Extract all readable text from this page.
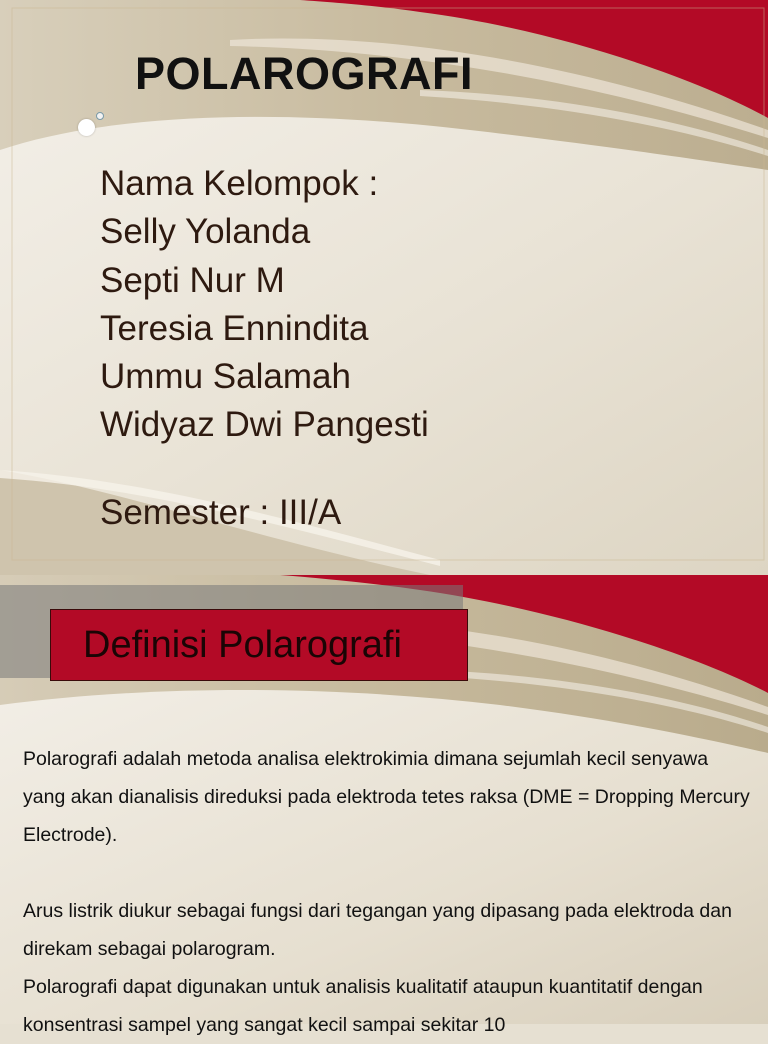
POLAROGRAFI
Nama Kelompok :
Selly Yolanda
Septi Nur M
Teresia Ennindita
Ummu Salamah
Widyaz Dwi Pangesti
Semester : III/A
Definisi Polarografi

Polarografi adalah metoda analisa elektrokimia dimana sejumlah kecil senyawa yang akan dianalisis direduksi pada elektroda tetes raksa (DME = Dropping Mercury Electrode).

Arus listrik diukur sebagai fungsi dari tegangan yang dipasang pada elektroda dan direkam sebagai polarogram.

Polarografi dapat digunakan untuk analisis kualitatif ataupun kuantitatif dengan konsentrasi sampel yang sangat kecil sampai sekitar 10
